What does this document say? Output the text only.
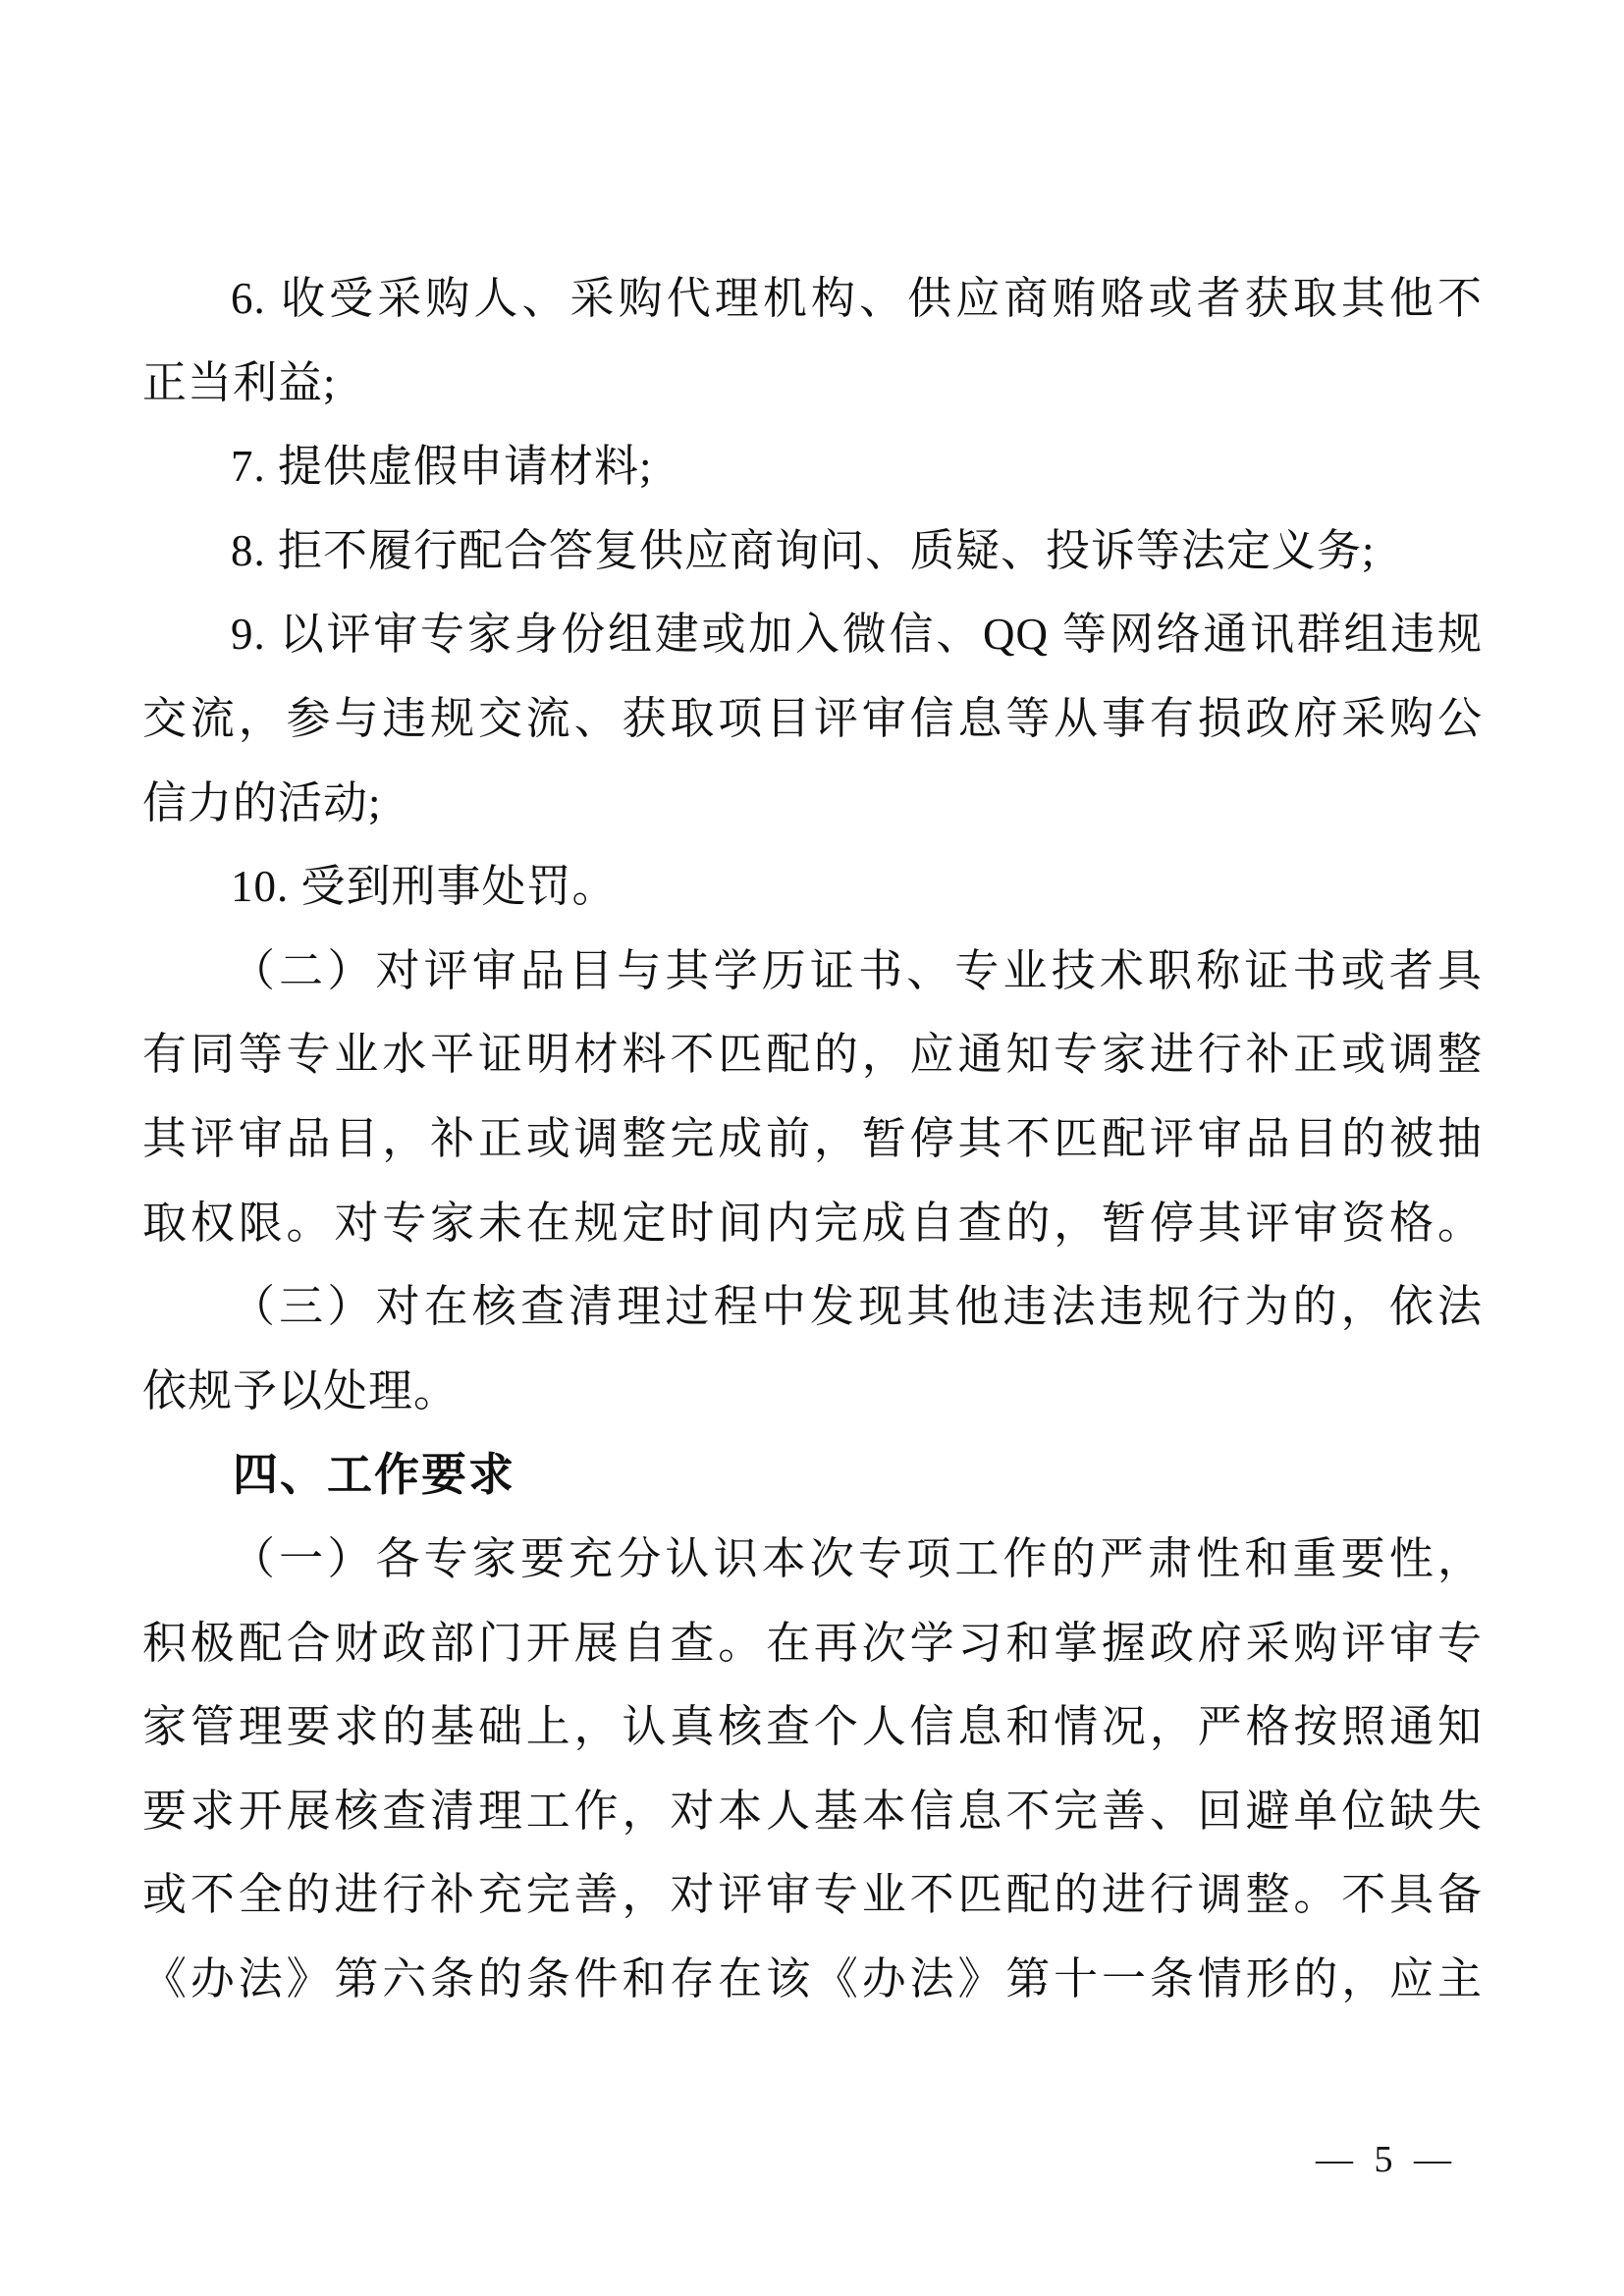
6. 收受采购人、采购代理机构、供应商贿赂或者获取其他不
正当利益;
7. 提供虚假申请材料;
8. 拒不履行配合答复供应商询问、质疑、投诉等法定义务;
9. 以评审专家身份组建或加入微信、QQ 等网络通讯群组违规
交流，参与违规交流、获取项目评审信息等从事有损政府采购公
信力的活动;
10. 受到刑事处罚。
（二）对评审品目与其学历证书、专业技术职称证书或者具
有同等专业水平证明材料不匹配的，应通知专家进行补正或调整
其评审品目，补正或调整完成前，暂停其不匹配评审品目的被抽
取权限。对专家未在规定时间内完成自查的，暂停其评审资格。
（三）对在核查清理过程中发现其他违法违规行为的，依法
依规予以处理。
四、工作要求
（一）各专家要充分认识本次专项工作的严肃性和重要性，
积极配合财政部门开展自查。在再次学习和掌握政府采购评审专
家管理要求的基础上，认真核查个人信息和情况，严格按照通知
要求开展核查清理工作，对本人基本信息不完善、回避单位缺失
或不全的进行补充完善，对评审专业不匹配的进行调整。不具备
《办法》第六条的条件和存在该《办法》第十一条情形的，应主
— 5 —
